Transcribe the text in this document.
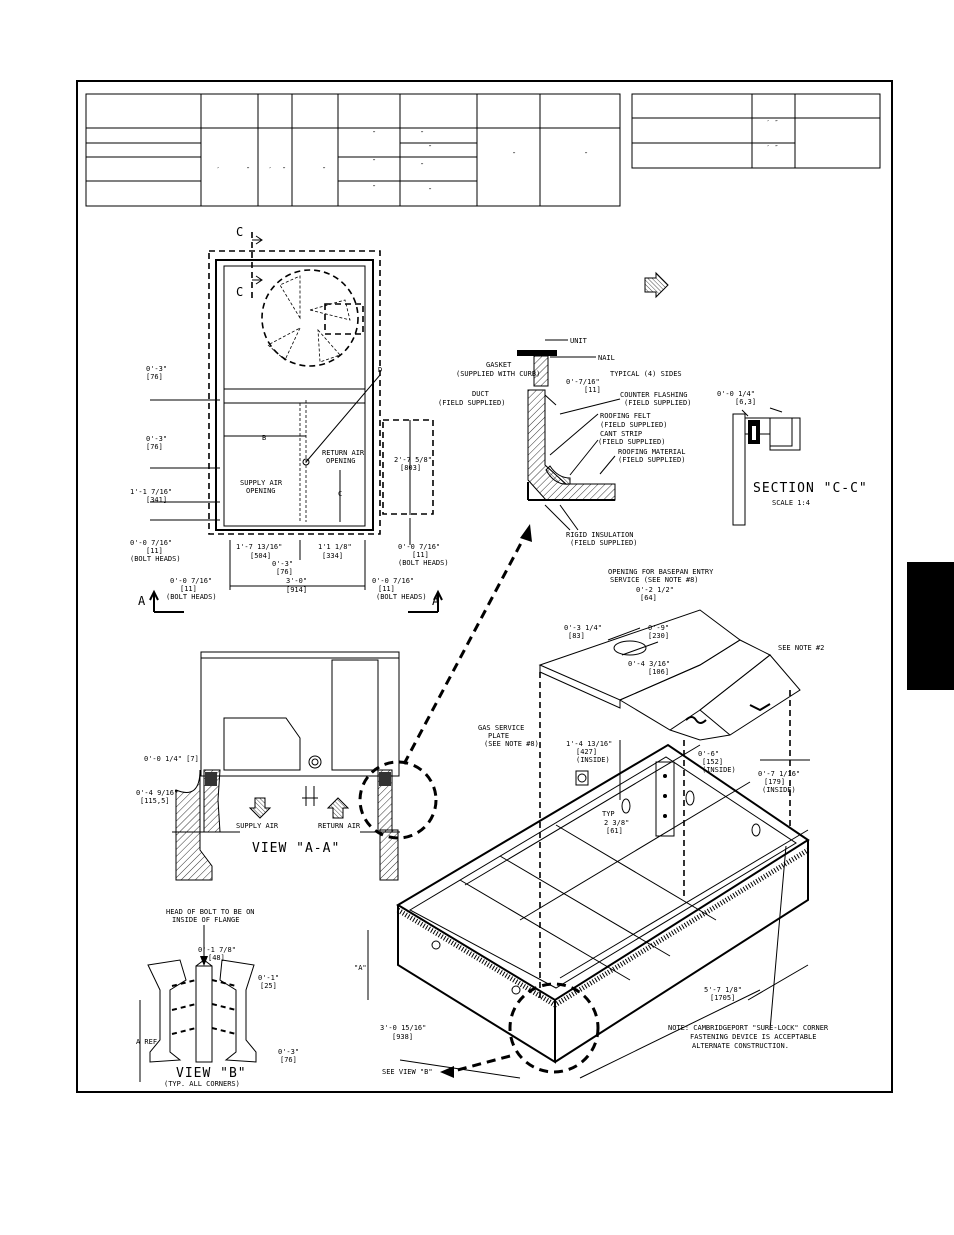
″	″
″
″	″
″	″
″	″
′	″	′ ″	″
′ ″
′ ″
C
C
0'-3"
[76]
0'-3"
[76]
1'-1 7/16"
[341]
0'-0 7/16"
[11]
(BOLT HEADS)
B
D
C
RETURN AIR
OPENING
SUPPLY AIR
OPENING
2'-7 5/8"
[803]
1'-7 13/16"
[504]
1'1 1/8"
[334]
0'-3"
[76]
0'-0 7/16"
[11]
(BOLT HEADS)
3'-0"
[914]
0'-0 7/16"
[11]
(BOLT HEADS)
0'-0 7/16"
[11]
(BOLT HEADS)
A	A
UNIT
NAIL
GASKET
(SUPPLIED WITH CURB)	TYPICAL (4) SIDES
0'-7/16"
[11]
DUCT
(FIELD SUPPLIED)
COUNTER FLASHING
(FIELD SUPPLIED)
ROOFING FELT
(FIELD SUPPLIED)
CANT STRIP
(FIELD SUPPLIED)
ROOFING MATERIAL
(FIELD SUPPLIED)
RIGID INSULATION
(FIELD SUPPLIED)
0'-0 1/4"
[6,3]
SECTION "C-C"
SCALE 1:4
0'-0 1/4" [7]
0'-4 9/16"
[115,5]
SUPPLY AIR	RETURN AIR
VIEW "A-A"
HEAD OF BOLT TO BE ON
INSIDE OF FLANGE
0'-1 7/8"
[48]
0'-1"
[25]
A REF
0'-3"
[76]
VIEW "B"
(TYP. ALL CORNERS)
OPENING FOR BASEPAN ENTRY
SERVICE (SEE NOTE #8)
0'-2 1/2"
[64]
0'-3 1/4"
[83]
0'-9"
[230]
0'-4 3/16"
[106]
SEE NOTE #2
GAS SERVICE
PLATE
(SEE NOTE #8)	1'-4 13/16"
[427]
(INSIDE)
0'-6"
[152]
(INSIDE)	0'-7 1/16"
[179]
(INSIDE)
TYP
2 3/8"
[61]
"A"
3'-0 15/16"
[938]
5'-7 1/8"
[1705]
NOTE: CAMBRIDGEPORT "SURE-LOCK" CORNER
FASTENING DEVICE IS ACCEPTABLE
ALTERNATE CONSTRUCTION.
SEE VIEW "B"
